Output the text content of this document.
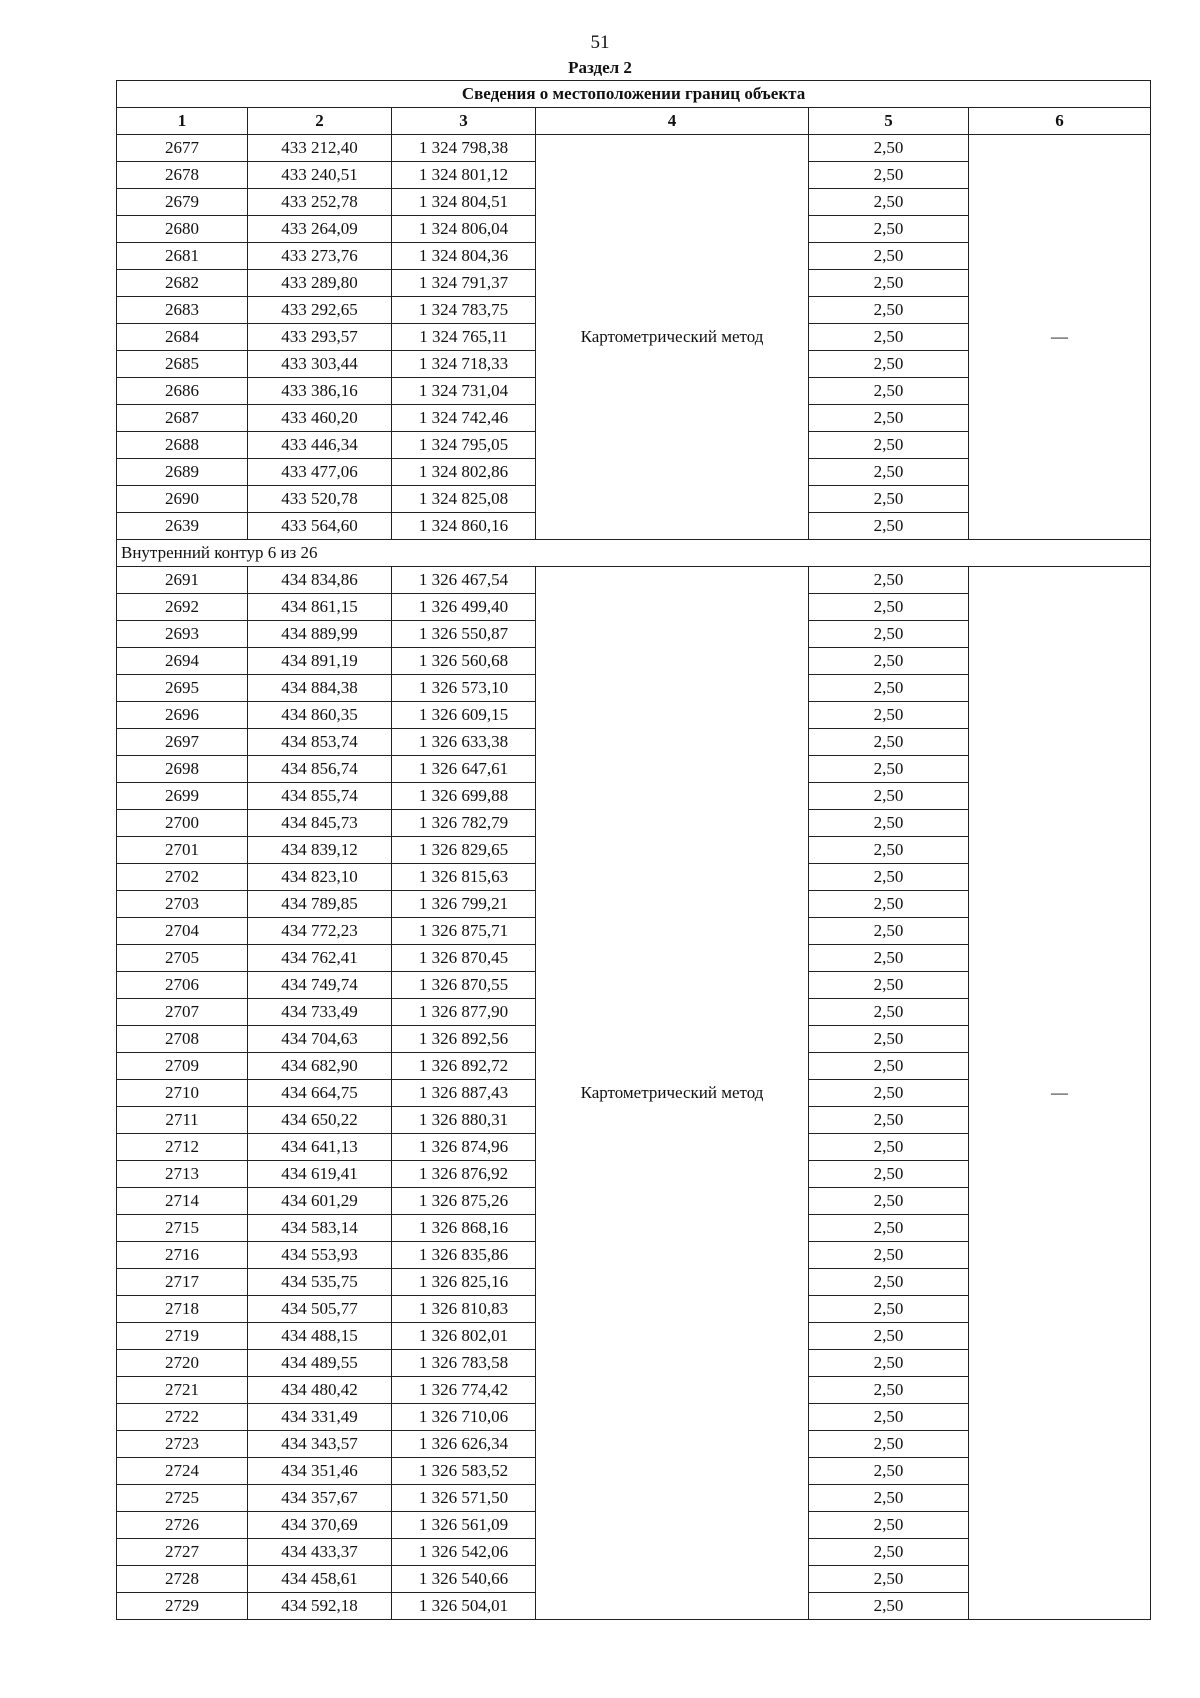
51
Раздел 2
Сведения о местоположении границ объекта					
1	2	3	4	5	6
2677	433 212,40	1 324 798,38	Картометрический метод	2,50	—
2678	433 240,51	1 324 801,12		2,50	
2679	433 252,78	1 324 804,51		2,50	
2680	433 264,09	1 324 806,04		2,50	
2681	433 273,76	1 324 804,36		2,50	
2682	433 289,80	1 324 791,37		2,50	
2683	433 292,65	1 324 783,75		2,50	
2684	433 293,57	1 324 765,11		2,50	
2685	433 303,44	1 324 718,33		2,50	
2686	433 386,16	1 324 731,04		2,50	
2687	433 460,20	1 324 742,46		2,50	
2688	433 446,34	1 324 795,05		2,50	
2689	433 477,06	1 324 802,86		2,50	
2690	433 520,78	1 324 825,08		2,50	
2639	433 564,60	1 324 860,16		2,50	
Внутренний контур 6 из 26					
2691	434 834,86	1 326 467,54	Картометрический метод	2,50	—
2692	434 861,15	1 326 499,40		2,50	
2693	434 889,99	1 326 550,87		2,50	
2694	434 891,19	1 326 560,68		2,50	
2695	434 884,38	1 326 573,10		2,50	
2696	434 860,35	1 326 609,15		2,50	
2697	434 853,74	1 326 633,38		2,50	
2698	434 856,74	1 326 647,61		2,50	
2699	434 855,74	1 326 699,88		2,50	
2700	434 845,73	1 326 782,79		2,50	
2701	434 839,12	1 326 829,65		2,50	
2702	434 823,10	1 326 815,63		2,50	
2703	434 789,85	1 326 799,21		2,50	
2704	434 772,23	1 326 875,71		2,50	
2705	434 762,41	1 326 870,45		2,50	
2706	434 749,74	1 326 870,55		2,50	
2707	434 733,49	1 326 877,90		2,50	
2708	434 704,63	1 326 892,56		2,50	
2709	434 682,90	1 326 892,72		2,50	
2710	434 664,75	1 326 887,43		2,50	
2711	434 650,22	1 326 880,31		2,50	
2712	434 641,13	1 326 874,96		2,50	
2713	434 619,41	1 326 876,92		2,50	
2714	434 601,29	1 326 875,26		2,50	
2715	434 583,14	1 326 868,16		2,50	
2716	434 553,93	1 326 835,86		2,50	
2717	434 535,75	1 326 825,16		2,50	
2718	434 505,77	1 326 810,83		2,50	
2719	434 488,15	1 326 802,01		2,50	
2720	434 489,55	1 326 783,58		2,50	
2721	434 480,42	1 326 774,42		2,50	
2722	434 331,49	1 326 710,06		2,50	
2723	434 343,57	1 326 626,34		2,50	
2724	434 351,46	1 326 583,52		2,50	
2725	434 357,67	1 326 571,50		2,50	
2726	434 370,69	1 326 561,09		2,50	
2727	434 433,37	1 326 542,06		2,50	
2728	434 458,61	1 326 540,66		2,50	
2729	434 592,18	1 326 504,01		2,50	
